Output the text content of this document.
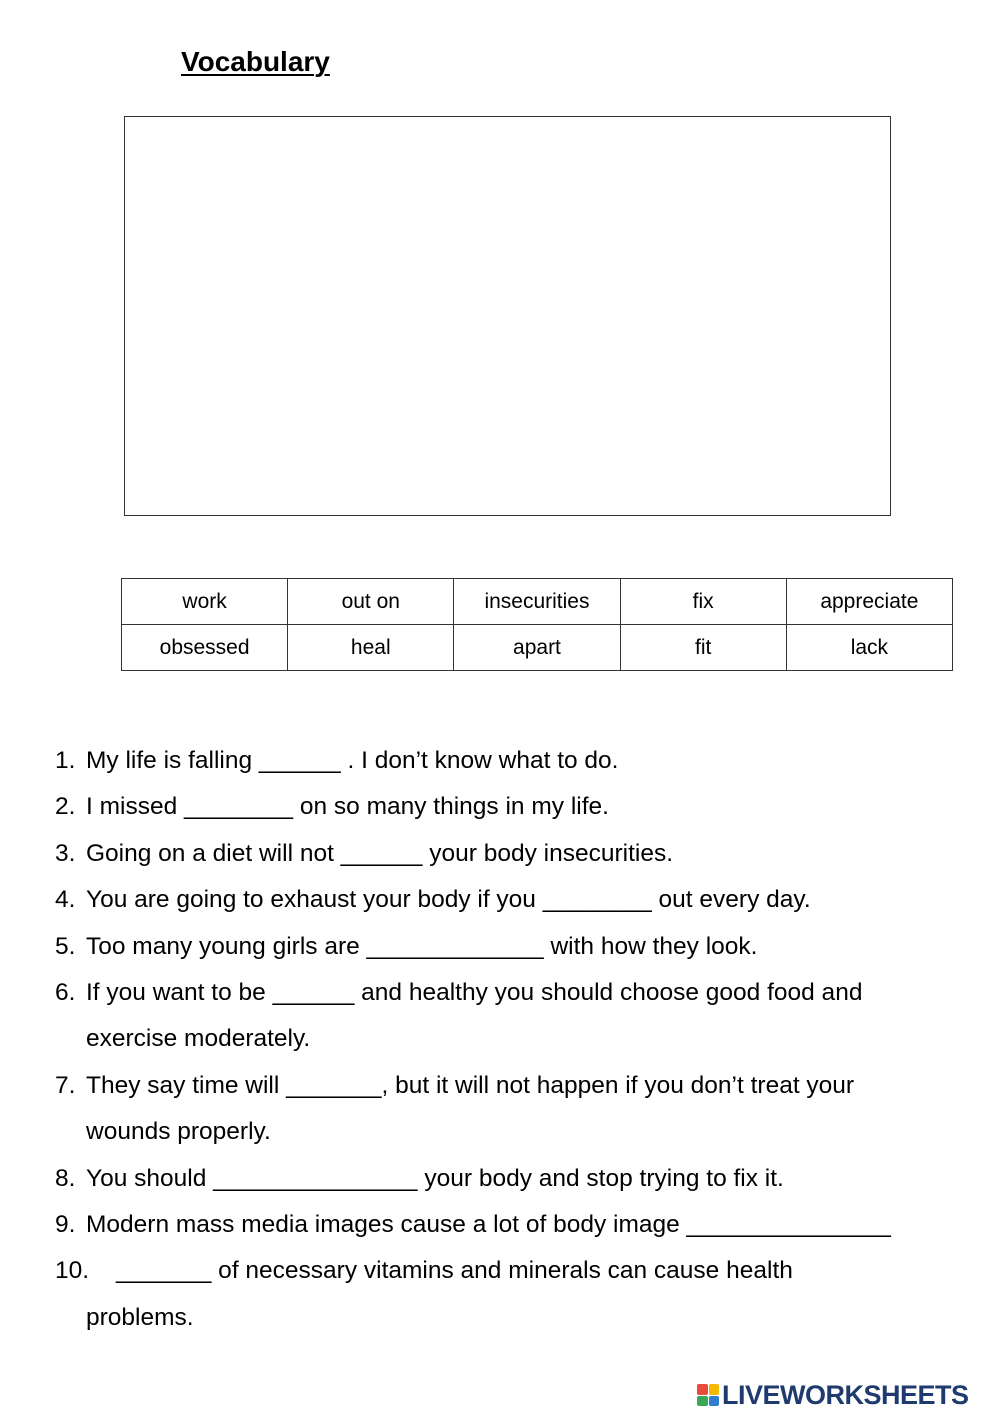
Vocabulary
work	out on	insecurities	fix	appreciate
obsessed	heal	apart	fit	lack
1. My life is falling ______ . I don’t know what to do.
2. I missed ________ on so many things in my life.
3. Going on a diet will not ______ your body insecurities.
4. You are going to exhaust your body if you ________ out every day.
5. Too many young girls are _____________ with how they look.
6. If you want to be ______ and healthy you should choose good food and
exercise moderately.
7. They say time will _______, but it will not happen if you don’t treat your
wounds properly.
8. You should _______________ your body and stop trying to fix it.
9. Modern mass media images cause a lot of body image _______________
10. _______ of necessary vitamins and minerals can cause health
problems.
LIVEWORKSHEETS
